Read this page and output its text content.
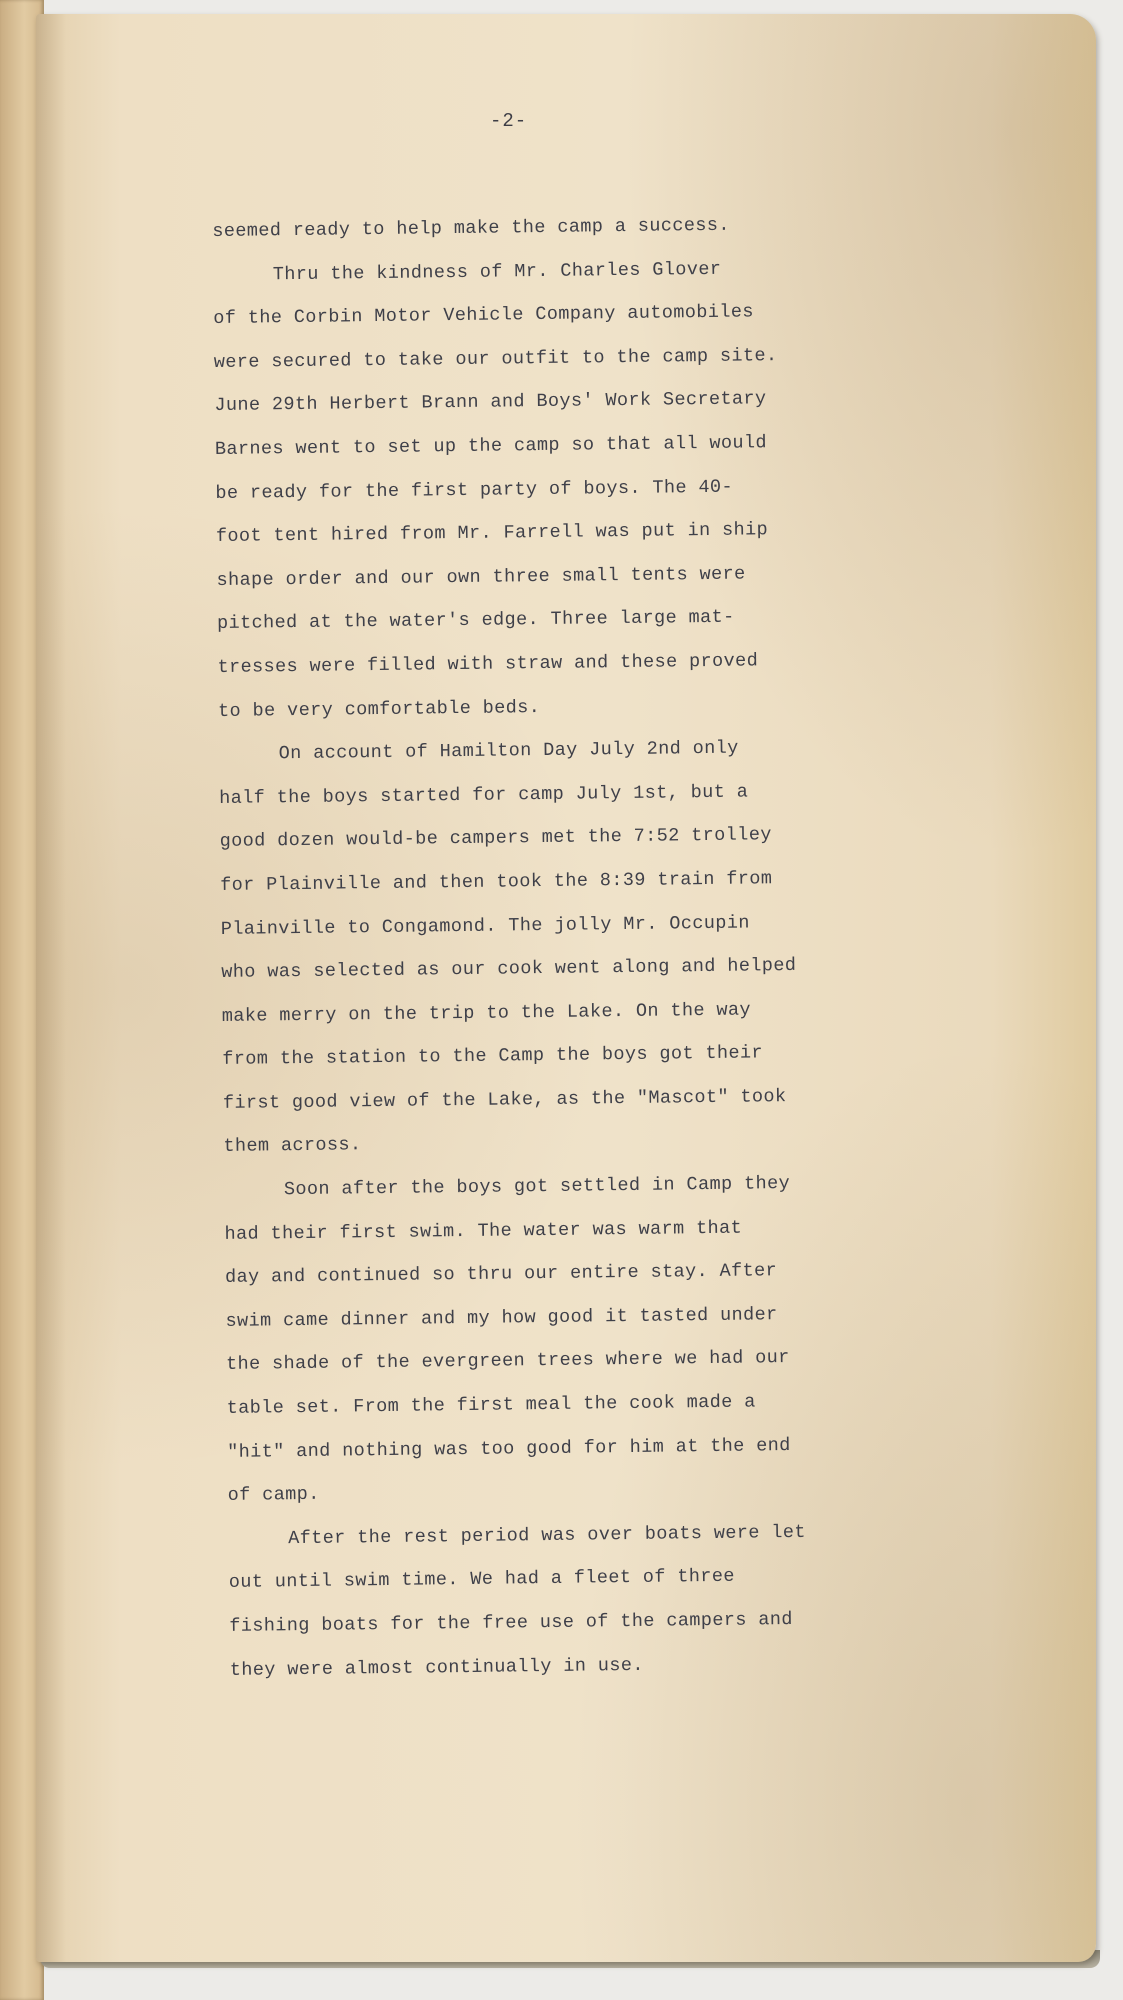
-2-
seemed ready to help make the camp a success.
Thru the kindness of Mr. Charles Glover
of the Corbin Motor Vehicle Company automobiles
were secured to take our outfit to the camp site.
June 29th Herbert Brann and Boys' Work Secretary
Barnes went to set up the camp so that all would
be ready for the first party of boys. The 40-
foot tent hired from Mr. Farrell was put in ship
shape order and our own three small tents were
pitched at the water's edge. Three large mat-
tresses were filled with straw and these proved
to be very comfortable beds.
On account of Hamilton Day July 2nd only
half the boys started for camp July 1st, but a
good dozen would-be campers met the 7:52 trolley
for Plainville and then took the 8:39 train from
Plainville to Congamond. The jolly Mr. Occupin
who was selected as our cook went along and helped
make merry on the trip to the Lake. On the way
from the station to the Camp the boys got their
first good view of the Lake, as the "Mascot" took
them across.
Soon after the boys got settled in Camp they
had their first swim. The water was warm that
day and continued so thru our entire stay. After
swim came dinner and my how good it tasted under
the shade of the evergreen trees where we had our
table set. From the first meal the cook made a
"hit" and nothing was too good for him at the end
of camp.
After the rest period was over boats were let
out until swim time. We had a fleet of three
fishing boats for the free use of the campers and
they were almost continually in use.
